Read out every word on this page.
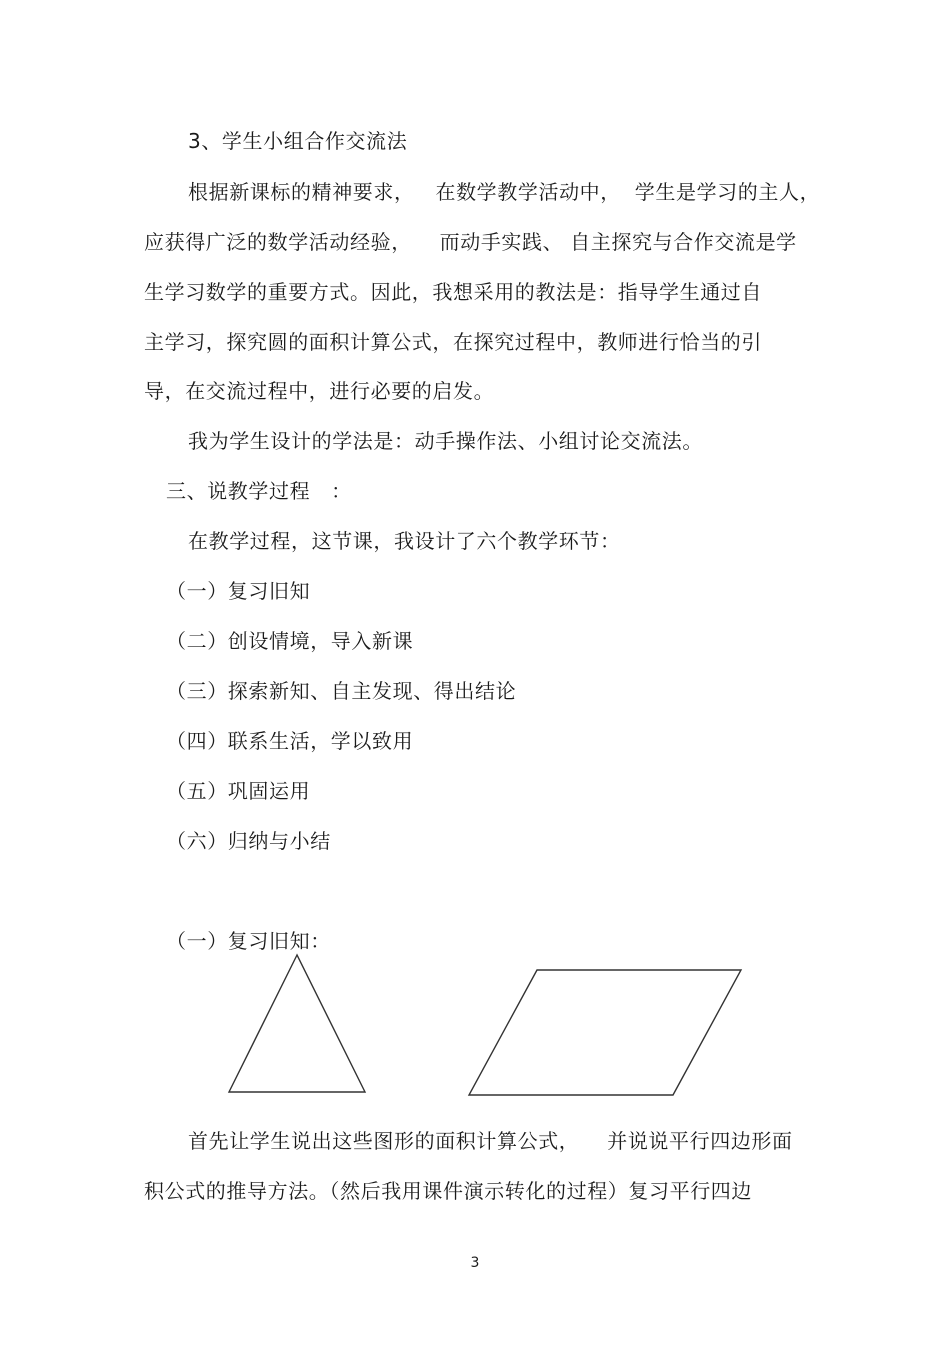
3、学生小组合作交流法
根据新课标的精神要求，   在数学教学活动中，  学生是学习的主人，
应获得广泛的数学活动经验，    而动手实践、 自主探究与合作交流是学
生学习数学的重要方式。因此，我想采用的教法是：指导学生通过自
主学习，探究圆的面积计算公式，在探究过程中，教师进行恰当的引
导，在交流过程中，进行必要的启发。
我为学生设计的学法是：动手操作法、小组讨论交流法。
三、说教学过程   ：
在教学过程，这节课，我设计了六个教学环节：
（一）复习旧知
（二）创设情境，导入新课
（三）探索新知、自主发现、得出结论
（四）联系生活，学以致用
（五）巩固运用
（六）归纳与小结
（一）复习旧知：
首先让学生说出这些图形的面积计算公式，    并说说平行四边形面
积公式的推导方法。（然后我用课件演示转化的过程）复习平行四边
3
